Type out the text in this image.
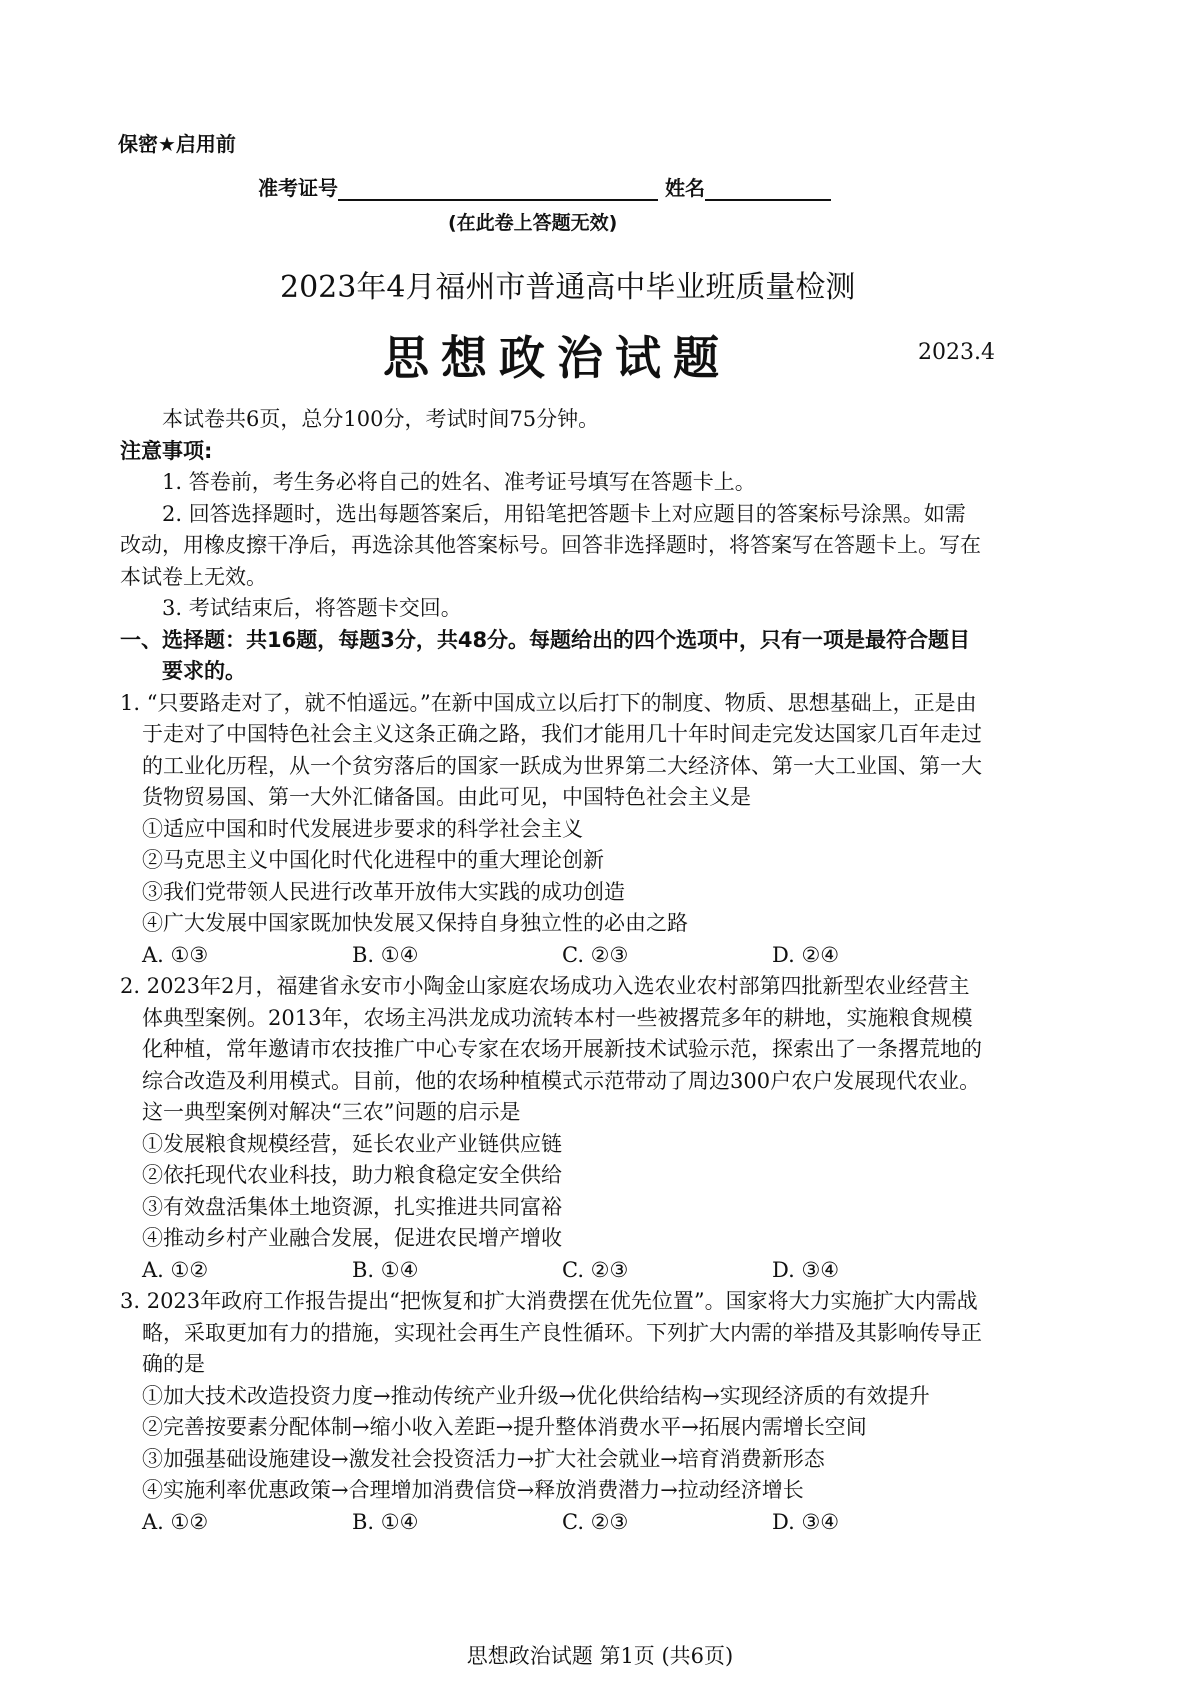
保密★启用前
准考证号	姓名
(在此卷上答题无效)
2023年4月福州市普通高中毕业班质量检测
思想政治试题	2023.4

本试卷共6页，总分100分，考试时间75分钟。

注意事项:

1. 答卷前，考生务必将自己的姓名、准考证号填写在答题卡上。

2. 回答选择题时，选出每题答案后，用铅笔把答题卡上对应题目的答案标号涂黑。如需改动，用橡皮擦干净后，再选涂其他答案标号。回答非选择题时，将答案写在答题卡上。写在本试卷上无效。

3. 考试结束后，将答题卡交回。

一、选择题：共16题，每题3分，共48分。每题给出的四个选项中，只有一项是最符合题目要求的。

1. “只要路走对了，就不怕遥远。”在新中国成立以后打下的制度、物质、思想基础上，正是由于走对了中国特色社会主义这条正确之路，我们才能用几十年时间走完发达国家几百年走过的工业化历程，从一个贫穷落后的国家一跃成为世界第二大经济体、第一大工业国、第一大货物贸易国、第一大外汇储备国。由此可见，中国特色社会主义是

①适应中国和时代发展进步要求的科学社会主义

②马克思主义中国化时代化进程中的重大理论创新

③我们党带领人民进行改革开放伟大实践的成功创造

④广大发展中国家既加快发展又保持自身独立性的必由之路

A. ①③	B. ①④	C. ②③	D. ②④

2. 2023年2月，福建省永安市小陶金山家庭农场成功入选农业农村部第四批新型农业经营主体典型案例。2013年，农场主冯洪龙成功流转本村一些被撂荒多年的耕地，实施粮食规模化种植，常年邀请市农技推广中心专家在农场开展新技术试验示范，探索出了一条撂荒地的综合改造及利用模式。目前，他的农场种植模式示范带动了周边300户农户发展现代农业。这一典型案例对解决“三农”问题的启示是

①发展粮食规模经营，延长农业产业链供应链

②依托现代农业科技，助力粮食稳定安全供给

③有效盘活集体土地资源，扎实推进共同富裕

④推动乡村产业融合发展，促进农民增产增收

A. ①②	B. ①④	C. ②③	D. ③④

3. 2023年政府工作报告提出“把恢复和扩大消费摆在优先位置”。国家将大力实施扩大内需战略，采取更加有力的措施，实现社会再生产良性循环。下列扩大内需的举措及其影响传导正确的是

①加大技术改造投资力度→推动传统产业升级→优化供给结构→实现经济质的有效提升

②完善按要素分配体制→缩小收入差距→提升整体消费水平→拓展内需增长空间

③加强基础设施建设→激发社会投资活力→扩大社会就业→培育消费新形态

④实施利率优惠政策→合理增加消费信贷→释放消费潜力→拉动经济增长

A. ①②	B. ①④	C. ②③	D. ③④
思想政治试题 第1页 (共6页)
